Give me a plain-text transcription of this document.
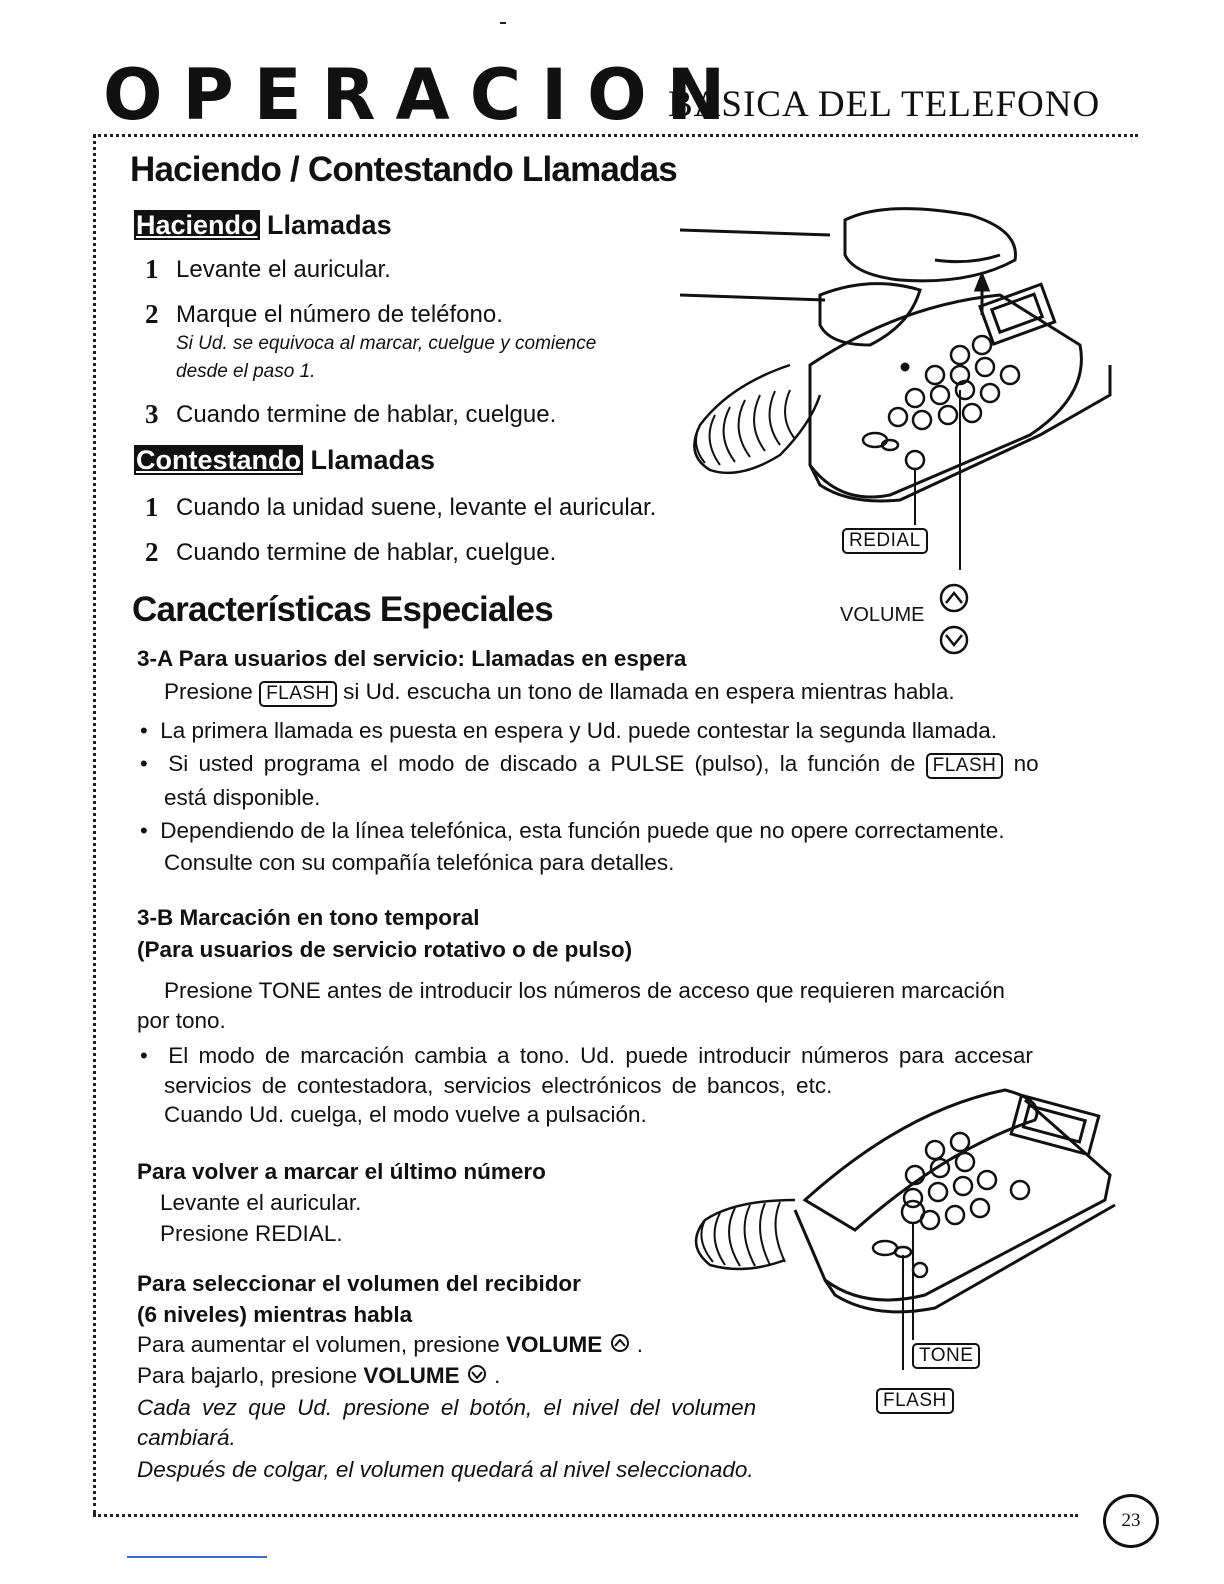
OPERACION
BASICA DEL TELEFONO
Haciendo / Contestando Llamadas
Haciendo Llamadas
1 Levante el auricular.
2 Marque el número de teléfono.
Si Ud. se equivoca al marcar, cuelgue y comience
desde el paso 1.
3 Cuando termine de hablar, cuelgue.
Contestando Llamadas
1 Cuando la unidad suene, levante el auricular.
2 Cuando termine de hablar, cuelgue.	REDIAL
VOLUME
Características Especiales
3-A Para usuarios del servicio: Llamadas en espera
Presione FLASH si Ud. escucha un tono de llamada en espera mientras habla.
• La primera llamada es puesta en espera y Ud. puede contestar la segunda llamada.
• Si usted programa el modo de discado a PULSE (pulso), la función de FLASH no
está disponible.
• Dependiendo de la línea telefónica, esta función puede que no opere correctamente.
Consulte con su compañía telefónica para detalles.
3-B Marcación en tono temporal
(Para usuarios de servicio rotativo o de pulso)
Presione TONE antes de introducir los números de acceso que requieren marcación
por tono.
• El modo de marcación cambia a tono. Ud. puede introducir números para accesar
servicios de contestadora, servicios electrónicos de bancos, etc.
Cuando Ud. cuelga, el modo vuelve a pulsación.
Para volver a marcar el último número
Levante el auricular.
Presione REDIAL.
Para seleccionar el volumen del recibidor
(6 niveles) mientras habla
Para aumentar el volumen, presione VOLUME  .
Para bajarlo, presione VOLUME  .
Cada vez que Ud. presione el botón, el nivel del volumen
cambiará.
Después de colgar, el volumen quedará al nivel seleccionado.
TONE
FLASH
23
